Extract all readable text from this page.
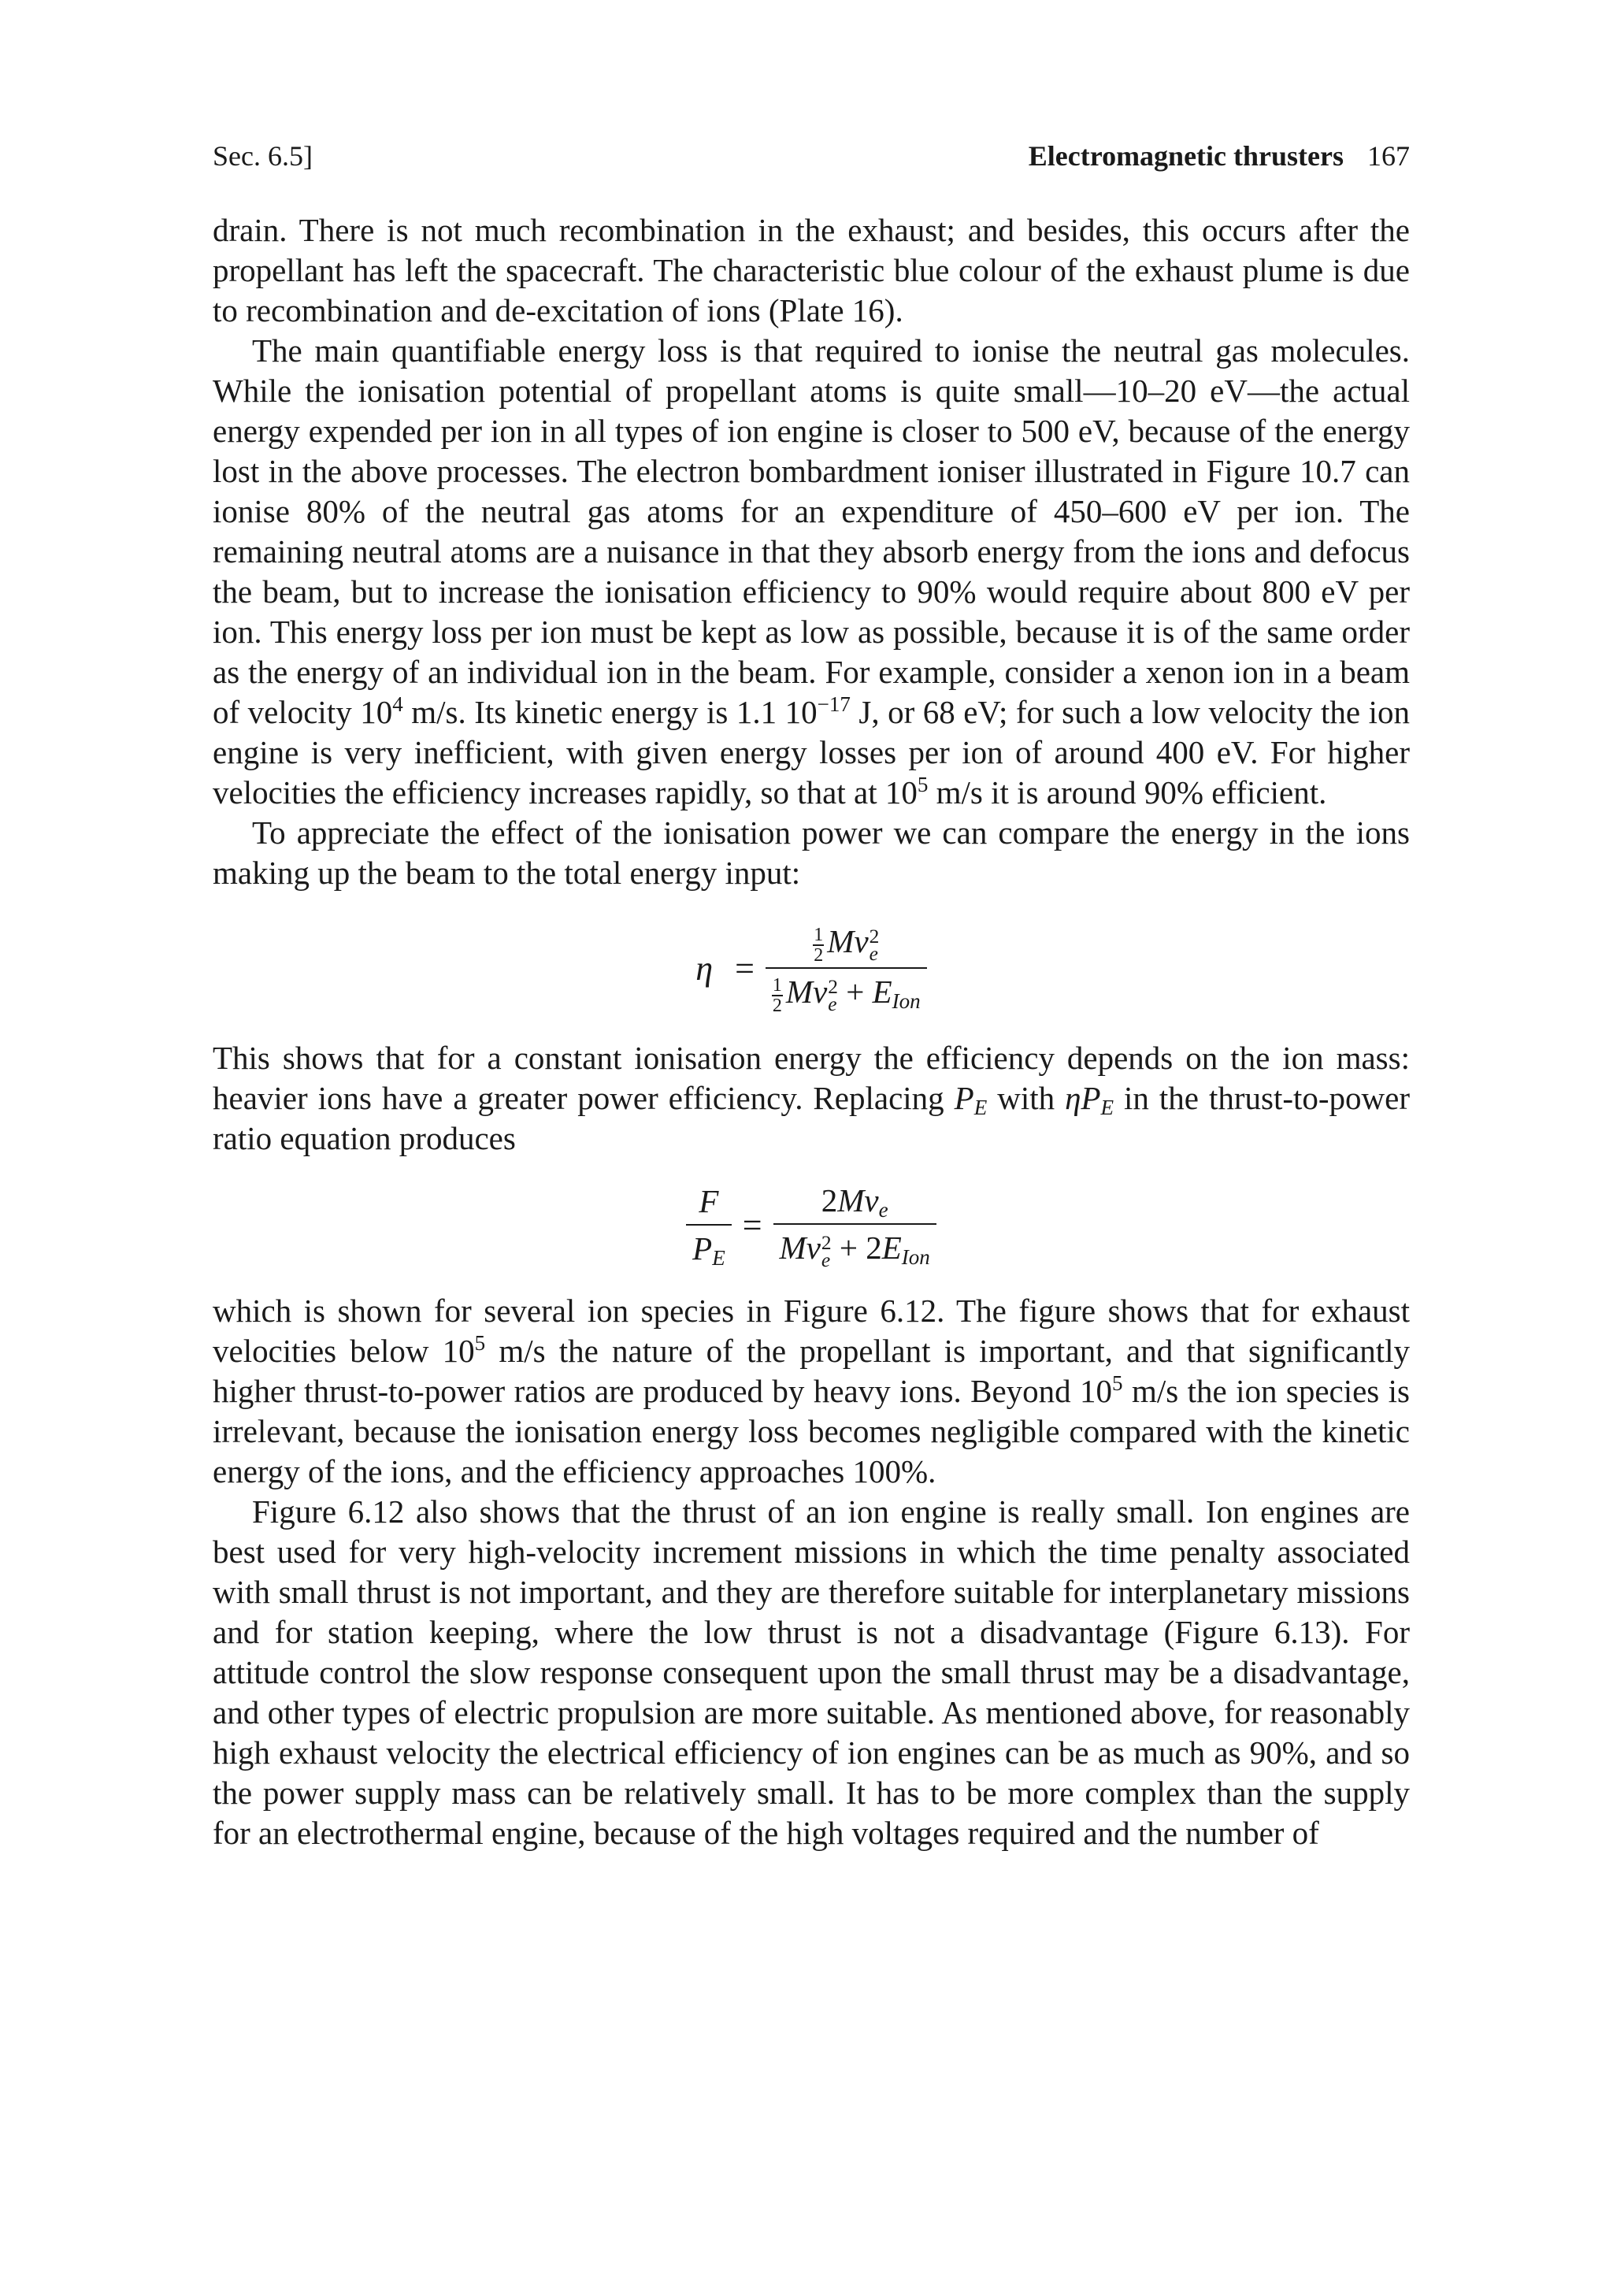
Sec. 6.5]	Electromagnetic thrusters 167

drain. There is not much recombination in the exhaust; and besides, this occurs after the propellant has left the spacecraft. The characteristic blue colour of the exhaust plume is due to recombination and de-excitation of ions (Plate 16).

The main quantifiable energy loss is that required to ionise the neutral gas molecules. While the ionisation potential of propellant atoms is quite small—10–20 eV—the actual energy expended per ion in all types of ion engine is closer to 500 eV, because of the energy lost in the above processes. The electron bombardment ioniser illustrated in Figure 10.7 can ionise 80% of the neutral gas atoms for an expenditure of 450–600 eV per ion. The remaining neutral atoms are a nuisance in that they absorb energy from the ions and defocus the beam, but to increase the ionisation efficiency to 90% would require about 800 eV per ion. This energy loss per ion must be kept as low as possible, because it is of the same order as the energy of an individual ion in the beam. For example, consider a xenon ion in a beam of velocity $10^4$ m/s. Its kinetic energy is 1.1 $10^{-17}$ J, or 68 eV; for such a low velocity the ion engine is very inefficient, with given energy losses per ion of around 400 eV. For higher velocities the efficiency increases rapidly, so that at $10^5$ m/s it is around 90% efficient.

To appreciate the effect of the ionisation power we can compare the energy in the ions making up the beam to the total energy input:

$\eta = \frac{1}{2}$ Mv 2
e
$\frac{1}{2}$ Mv 2
$e + E_{Ion}$

This shows that for a constant ionisation energy the efficiency depends on the ion mass: heavier ions have a greater power efficiency. Replacing $P_E$ with $\eta P_E$ in the thrust-to-power ratio equation produces

$\frac{F}{P_E} = 2Mv_e$
Mv 2
$e + 2E_{Ion}$

which is shown for several ion species in Figure 6.12. The figure shows that for exhaust velocities below $10^5$ m/s the nature of the propellant is important, and that significantly higher thrust-to-power ratios are produced by heavy ions. Beyond $10^5$ m/s the ion species is irrelevant, because the ionisation energy loss becomes negligible compared with the kinetic energy of the ions, and the efficiency approaches 100%.

Figure 6.12 also shows that the thrust of an ion engine is really small. Ion engines are best used for very high-velocity increment missions in which the time penalty associated with small thrust is not important, and they are therefore suitable for interplanetary missions and for station keeping, where the low thrust is not a disadvantage (Figure 6.13). For attitude control the slow response consequent upon the small thrust may be a disadvantage, and other types of electric propulsion are more suitable. As mentioned above, for reasonably high exhaust velocity the electrical efficiency of ion engines can be as much as 90%, and so the power supply mass can be relatively small. It has to be more complex than the supply for an electrothermal engine, because of the high voltages required and the number of
